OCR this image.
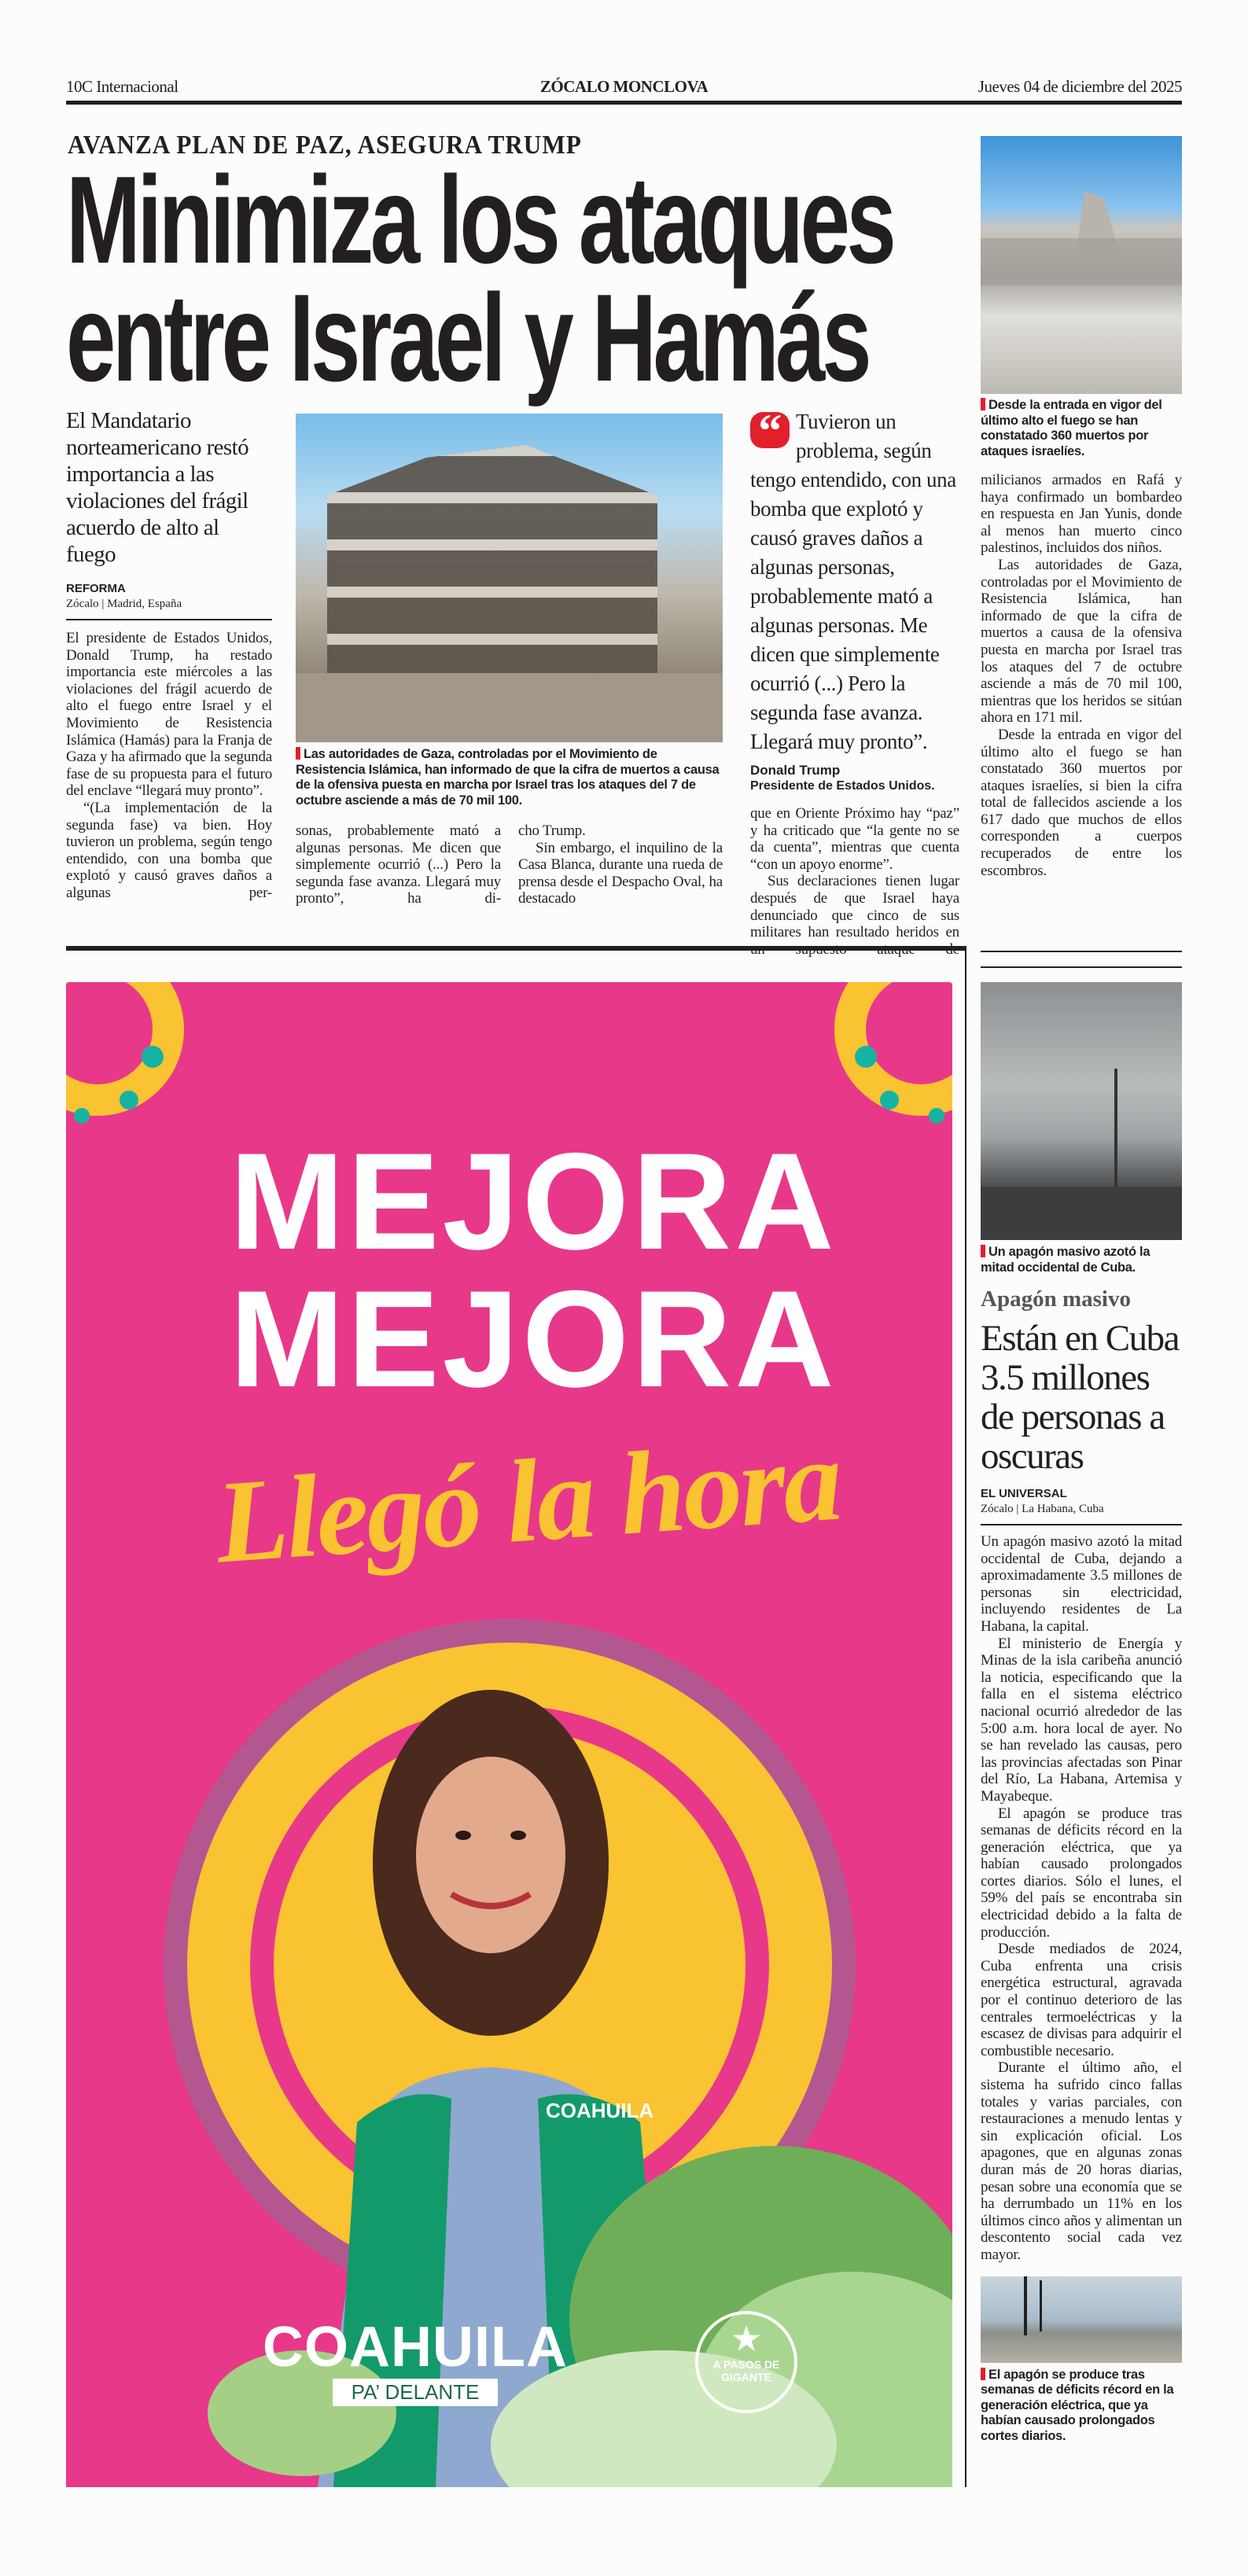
10C Internacional	ZÓCALO MONCLOVA	Jueves 04 de diciembre del 2025
AVANZA PLAN DE PAZ, ASEGURA TRUMP
Minimiza los ataques
entre Israel y Hamás
El Mandatario norteamericano restó importancia a las violaciones del frágil acuerdo de alto al fuego
REFORMA
Zócalo | Madrid, España

El presidente de Estados Unidos, Donald Trump, ha restado importancia este miércoles a las violaciones del frágil acuerdo de alto el fuego entre Israel y el Movimiento de Resistencia Islámica (Hamás) para la Franja de Gaza y ha afirmado que la segunda fase de su propuesta para el futuro del enclave “llegará muy pronto”.

“(La implementación de la segunda fase) va bien. Hoy tuvieron un problema, según tengo entendido, con una bomba que explotó y causó graves daños a algunas per-

Las autoridades de Gaza, controladas por el Movimiento de Resistencia Islámica, han informado de que la cifra de muertos a causa de la ofensiva puesta en marcha por Israel tras los ataques del 7 de octubre asciende a más de 70 mil 100.

sonas, probablemente mató a algunas personas. Me dicen que simplemente ocurrió (...) Pero la segunda fase avanza. Llegará muy pronto”, ha di-

cho Trump.

Sin embargo, el inquilino de la Casa Blanca, durante una rueda de prensa desde el Despacho Oval, ha destacado

“ Tuvieron un problema, según tengo entendido, con una bomba que explotó y causó graves daños a algunas personas, probablemente mató a algunas personas. Me dicen que simplemente ocurrió (...) Pero la segunda fase avanza. Llegará muy pronto”.
Donald Trump
Presidente de Estados Unidos.

que en Oriente Próximo hay “paz” y ha criticado que “la gente no se da cuenta”, mientras que cuenta “con un apoyo enorme”.

Sus declaraciones tienen lugar después de que Israel haya denunciado que cinco de sus militares han resultado heridos en

Desde la entrada en vigor del último alto el fuego se han constatado 360 muertos por ataques israelíes.

milicianos armados en Rafá y haya confirmado un bombardeo en respuesta en Jan Yunis, donde al menos han muerto cinco palestinos, incluidos dos niños.

Las autoridades de Gaza, controladas por el Movimiento de Resistencia Islámica, han informado de que la cifra de muertos a causa de la ofensiva puesta en marcha por Israel tras los ataques del 7 de octubre asciende a más de 70 mil 100, mientras que los heridos se sitúan ahora en 171 mil.

Desde la entrada en vigor del último alto el fuego se han constatado 360 muertos por ataques israelíes, si bien la cifra total de fallecidos asciende a los 617 dado que muchos de ellos corresponden a cuerpos recuperados de entre los escombros.

MEJORA
MEJORA
Llegó la hora
COAHUILA
COAHUILA
PA’ DELANTE
★
A PASOS DE GIGANTE
Un apagón masivo azotó la mitad occidental de Cuba.
Apagón masivo
Están en Cuba 3.5 millones de personas a oscuras
EL UNIVERSAL
Zócalo | La Habana, Cuba

Un apagón masivo azotó la mitad occidental de Cuba, dejando a aproximadamente 3.5 millones de personas sin electricidad, incluyendo residentes de La Habana, la capital.

El ministerio de Energía y Minas de la isla caribeña anunció la noticia, especificando que la falla en el sistema eléctrico nacional ocurrió alrededor de las 5:00 a.m. hora local de ayer. No se han revelado las causas, pero las provincias afectadas son Pinar del Río, La Habana, Artemisa y Mayabeque.

El apagón se produce tras semanas de déficits récord en la generación eléctrica, que ya habían causado prolongados cortes diarios. Sólo el lunes, el 59% del país se encontraba sin electricidad debido a la falta de producción.

Desde mediados de 2024, Cuba enfrenta una crisis energética estructural, agravada por el continuo deterioro de las centrales termoeléctricas y la escasez de divisas para adquirir el combustible necesario.

Durante el último año, el sistema ha sufrido cinco fallas totales y varias parciales, con restauraciones a menudo lentas y sin explicación oficial. Los apagones, que en algunas zonas duran más de 20 horas diarias, pesan sobre una economía que se ha derrumbado un 11% en los últimos cinco años y alimentan un descontento social cada vez mayor.

El apagón se produce tras semanas de déficits récord en la generación eléctrica, que ya habían causado prolongados cortes diarios.
